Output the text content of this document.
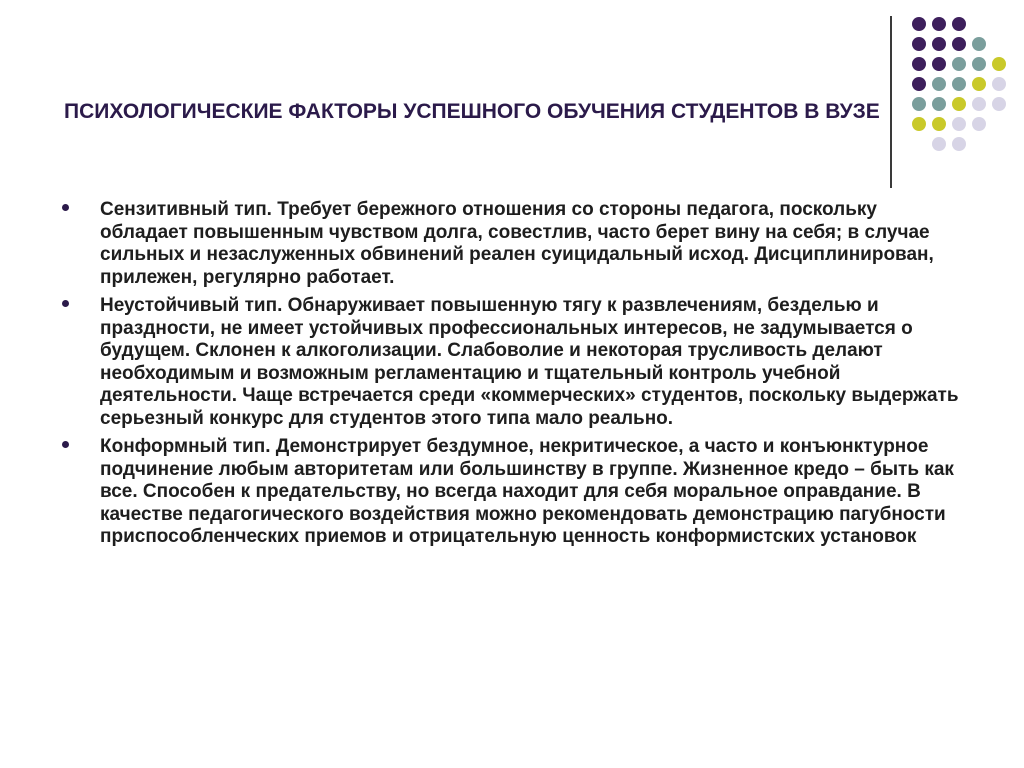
ПСИХОЛОГИЧЕСКИЕ ФАКТОРЫ УСПЕШНОГО ОБУЧЕНИЯ СТУДЕНТОВ В ВУЗЕ
Сензитивный тип. Требует бережного отношения со стороны педагога, поскольку обладает повышенным чувством долга, совестлив, часто берет вину на себя; в случае сильных и незаслуженных обвинений реален суицидальный исход. Дисциплинирован, прилежен, регулярно работает.
Неустойчивый тип. Обнаруживает повышенную тягу к развлечениям, безделью и праздности, не имеет устойчивых профессиональных интересов, не задумывается о будущем. Склонен к алкоголизации. Слабоволие и некоторая трусливость делают необходимым и возможным регламентацию и тщательный контроль учебной деятельности. Чаще встречается среди «коммерческих» студентов, поскольку выдержать серьезный конкурс для студентов этого типа мало реально.
Конформный тип. Демонстрирует бездумное, некритическое, а часто и конъюнктурное подчинение любым авторитетам или большинству в группе. Жизненное кредо – быть как все. Способен к предательству, но всегда находит для себя моральное оправдание. В качестве педагогического воздействия можно рекомендовать демонстрацию пагубности приспособленческих приемов и отрицательную ценность конформистских установок
